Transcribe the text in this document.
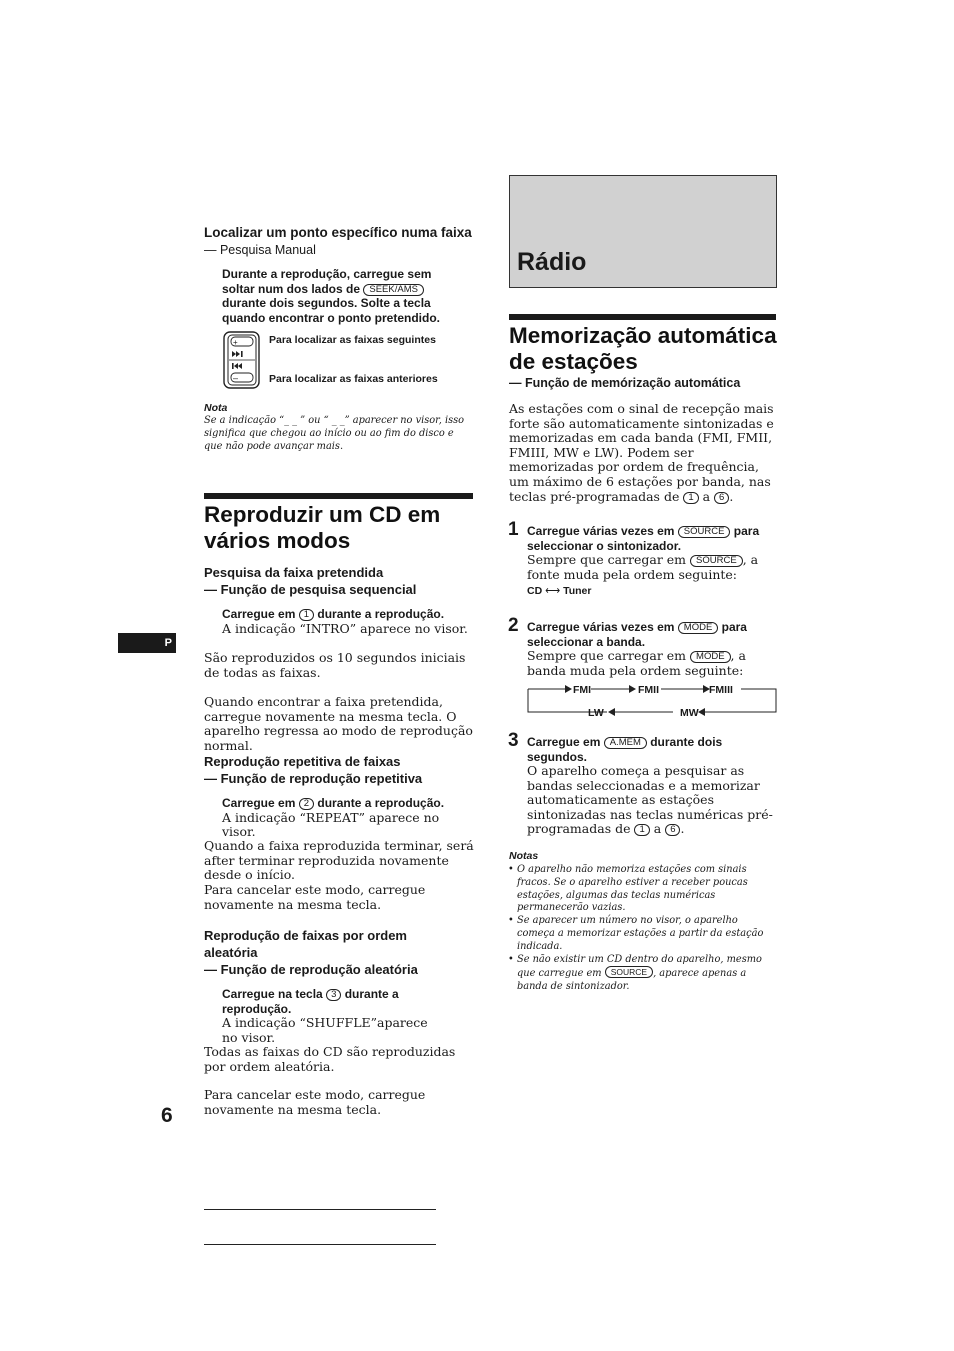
Localizar um ponto específico numa faixa — Pesquisa Manual
Durante a reprodução, carregue sem soltar num dos lados de SEEK/AMS durante dois segundos. Solte a tecla quando encontrar o ponto pretendido.
+
–
Para localizar as faixas seguintes
Para localizar as faixas anteriores
Nota
Se a indicação “_ _ ” ou “ _ _” aparecer no visor, isso significa que chegou ao início ou ao fim do disco e que não pode avançar mais.
Reproduzir um CD em vários modos
Pesquisa da faixa pretendida
— Função de pesquisa sequencial
Carregue em 1 durante a reprodução.
A indicação “INTRO” aparece no visor.
São reproduzidos os 10 segundos iniciais de todas as faixas.
Quando encontrar a faixa pretendida, carregue novamente na mesma tecla. O aparelho regressa ao modo de reprodução normal.
Reprodução repetitiva de faixas
— Função de reprodução repetitiva
Carregue em 2 durante a reprodução.
A indicação “REPEAT” aparece no visor.
Quando a faixa reproduzida terminar, será after terminar reproduzida novamente desde o início.
Para cancelar este modo, carregue novamente na mesma tecla.
Reprodução de faixas por ordem aleatória
— Função de reprodução aleatória
Carregue na tecla 3 durante a reprodução.
A indicação “SHUFFLE”aparece no visor.
Todas as faixas do CD são reproduzidas por ordem aleatória.
Para cancelar este modo, carregue novamente na mesma tecla.
P
6
Rádio
Memorização automática de estações
— Função de memórização automática
As estações com o sinal de recepção mais forte são automaticamente sintonizadas e memorizadas em cada banda (FMI, FMII, FMIII, MW e LW). Podem ser memorizadas por ordem de frequência, um máximo de 6 estações por banda, nas teclas pré-programadas de 1 a 6 .
1 Carregue várias vezes em SOURCE para seleccionar o sintonizador.
Sempre que carregar em SOURCE , a fonte muda pela ordem seguinte:
CD ⟷ Tuner
2 Carregue várias vezes em MODE para seleccionar a banda.
Sempre que carregar em MODE , a banda muda pela ordem seguinte:
FMI	FMII	FMIII
MW
LW
3 Carregue em A.MEM durante dois segundos.
O aparelho começa a pesquisar as bandas seleccionadas e a memorizar automaticamente as estações sintonizadas nas teclas numéricas pré-programadas de 1 a 6 .
Notas
• O aparelho não memoriza estações com sinais fracos. Se o aparelho estiver a receber poucas estações, algumas das teclas numéricas permanecerão vazias.
• Se aparecer um número no visor, o aparelho começa a memorizar estações a partir da estação indicada.
• Se não existir um CD dentro do aparelho, mesmo que carregue em SOURCE , aparece apenas a banda de sintonizador.
